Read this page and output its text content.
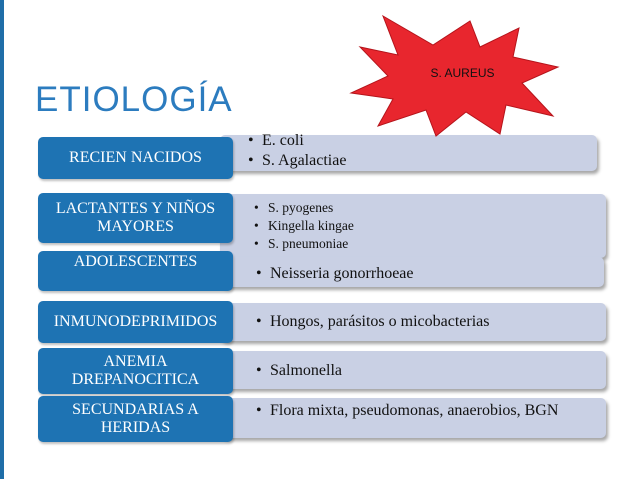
ETIOLOGÍA
RECIEN NACIDOS
• E. coli
• S. Agalactiae
LACTANTES Y NIÑOS MAYORES
• S. pyogenes
• Kingella kingae
• S. pneumoniae
ADOLESCENTES
• Neisseria gonorrhoeae
INMUNODEPRIMIDOS
•	Hongos, parásitos o micobacterias
ANEMIA DREPANOCITICA
• Salmonella
SECUNDARIAS A HERIDAS
• Flora mixta, pseudomonas, anaerobios, BGN
S. AUREUS
